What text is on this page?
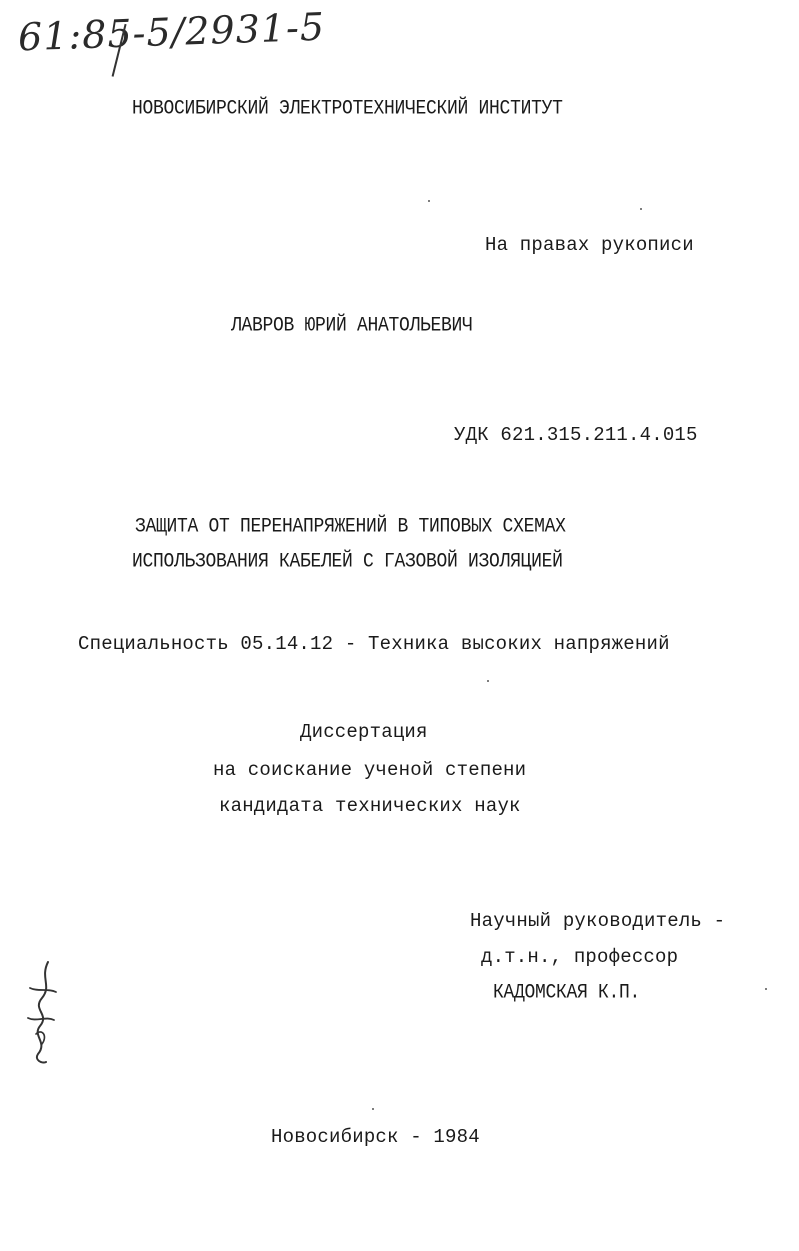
61:85-5/2931-5
НОВОСИБИРСКИЙ ЭЛЕКТРОТЕХНИЧЕСКИЙ ИНСТИТУТ
На правах рукописи
ЛАВРОВ ЮРИЙ АНАТОЛЬЕВИЧ
УДК 621.315.211.4.015
ЗАЩИТА ОТ ПЕРЕНАПРЯЖЕНИЙ В ТИПОВЫХ СХЕМАХ
ИСПОЛЬЗОВАНИЯ КАБЕЛЕЙ С ГАЗОВОЙ ИЗОЛЯЦИЕЙ
Специальность 05.14.12 - Техника высоких напряжений
Диссертация
на соискание ученой степени
кандидата технических наук
Научный руководитель -
д.т.н., профессор
КАДОМСКАЯ К.П.
Новосибирск - 1984
